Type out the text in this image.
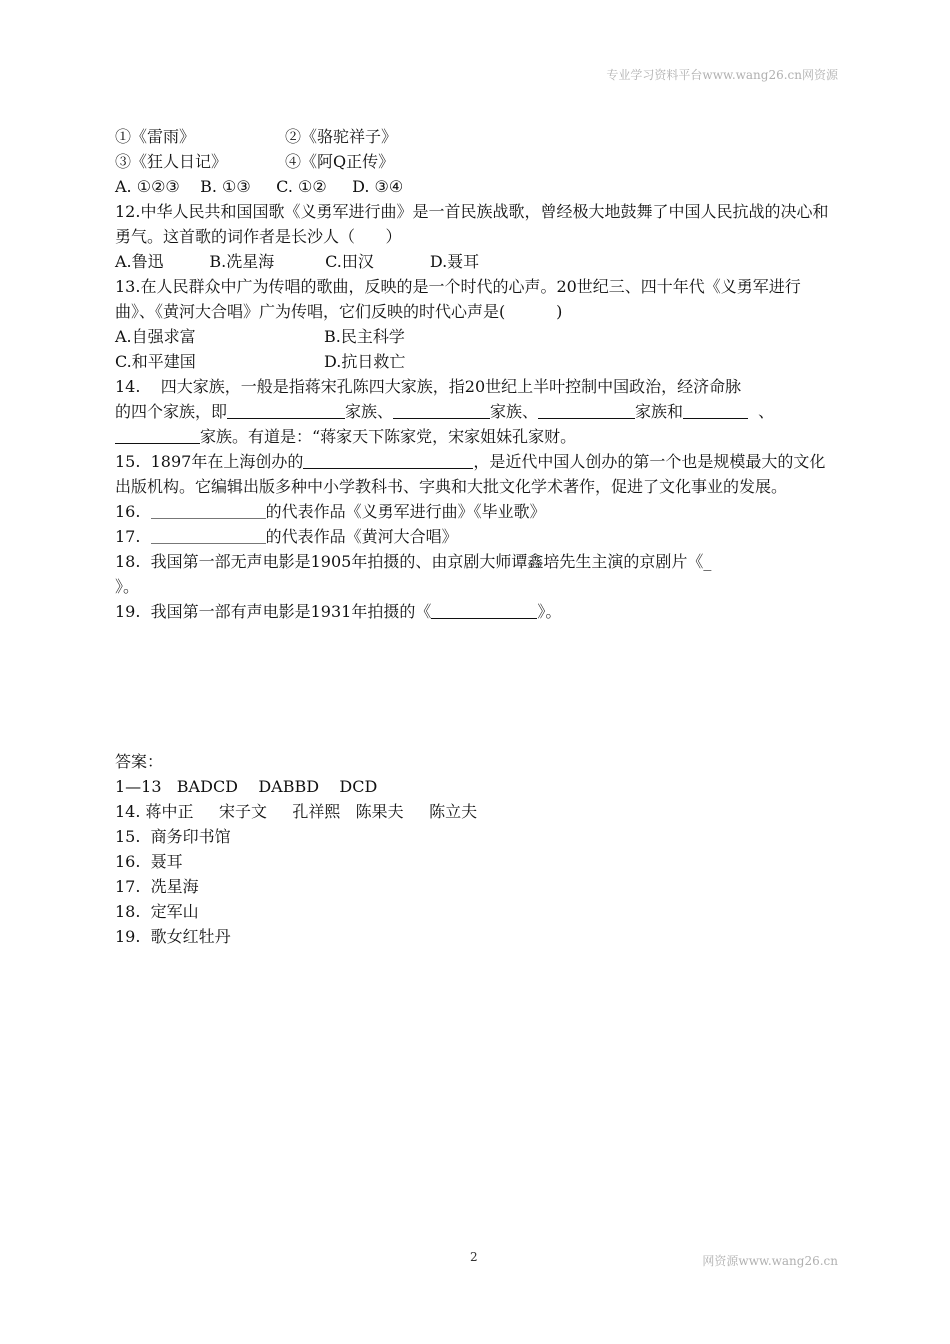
专业学习资料平台www.wang26.cn网资源
①《雷雨》	②《骆驼祥子》
③《狂人日记》	④《阿Q正传》
A. ①②③    B. ①③     C. ①②     D. ③④
12.中华人民共和国国歌《义勇军进行曲》是一首民族战歌，曾经极大地鼓舞了中国人民抗战的决心和勇气。这首歌的词作者是长沙人（      ）
A.鲁迅         B.冼星海          C.田汉           D.聂耳
13.在人民群众中广为传唱的歌曲，反映的是一个时代的心声。20世纪三、四十年代《义勇军进行曲》、《黄河大合唱》广为传唱，它们反映的时代心声是(          )
A.自强求富	B.民主科学
C.和平建国	D.抗日救亡
14.    四大家族，一般是指蒋宋孔陈四大家族，指20世纪上半叶控制中国政治，经济命脉
的四个家族，即	家族、	家族、	家族和	、
家族。有道是：“蒋家天下陈家党，宋家姐妹孔家财。
15.  1897年在上海创办的	，是近代中国人创办的第一个也是规模最大的文化出版机构。它编辑出版多种中小学教科书、字典和大批文化学术著作，促进了文化事业的发展。
16.	的代表作品《义勇军进行曲》《毕业歌》
17.	的代表作品《黄河大合唱》
18.  我国第一部无声电影是1905年拍摄的、由京剧大师谭鑫培先生主演的京剧片《_
》。
19.  我国第一部有声电影是1931年拍摄的《	》。
答案：
1—13   BADCD    DABBD    DCD
14. 蒋中正     宋子文     孔祥熙   陈果夫     陈立夫
15.  商务印书馆
16.  聂耳
17.  冼星海
18.  定军山
19.  歌女红牡丹
2	网资源www.wang26.cn
